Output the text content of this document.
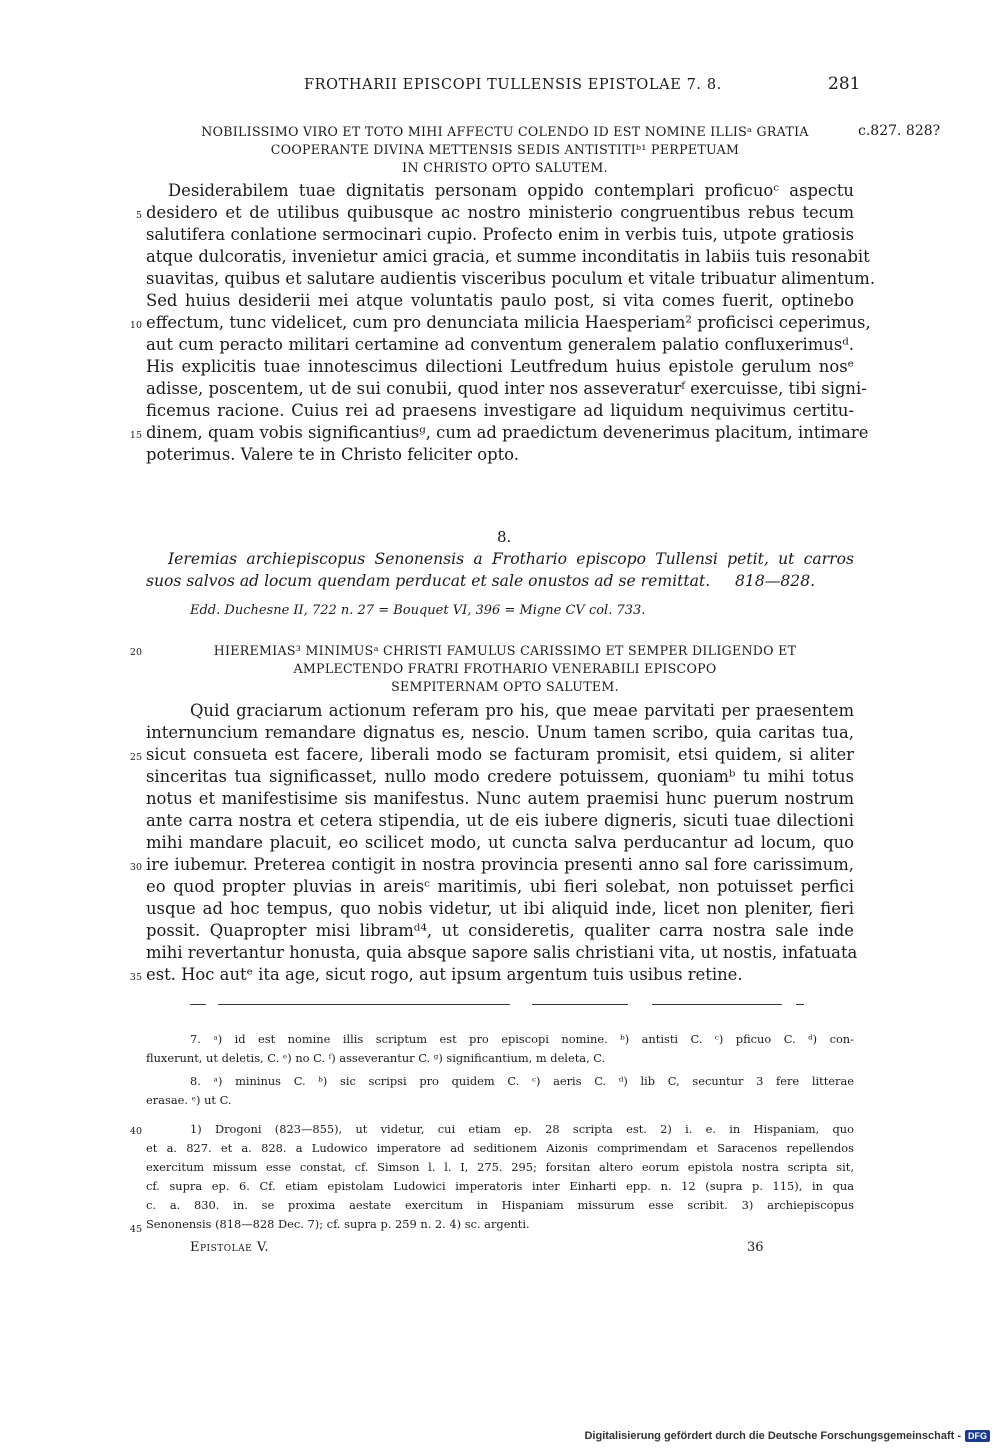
FROTHARII EPISCOPI TULLENSIS EPISTOLAE 7. 8.	281
NOBILISSIMO VIRO ET TOTO MIHI AFFECTU COLENDO ID EST NOMINE ILLISᵃ GRATIA
COOPERANTE DIVINA METTENSIS SEDIS ANTISTITIᵇ¹ PERPETUAM
IN CHRISTO OPTO SALUTEM.
c.827. 828?
Desiderabilem tuae dignitatis personam oppido contemplari proficuoᶜ aspectu
desidero et de utilibus quibusque ac nostro ministerio congruentibus rebus tecum
salutifera conlatione sermocinari cupio. Profecto enim in verbis tuis, utpote gratiosis
atque dulcoratis, invenietur amici gracia, et summe inconditatis in labiis tuis resonabit
suavitas, quibus et salutare audientis visceribus poculum et vitale tribuatur alimentum.
Sed huius desiderii mei atque voluntatis paulo post, si vita comes fuerit, optinebo
effectum, tunc videlicet, cum pro denunciata milicia Haesperiam² proficisci ceperimus,
aut cum peracto militari certamine ad conventum generalem palatio confluxerimusᵈ.
His explicitis tuae innotescimus dilectioni Leutfredum huius epistole gerulum nosᵉ
adisse, poscentem, ut de sui conubii, quod inter nos asseveraturᶠ exercuisse, tibi signi-
ficemus racione. Cuius rei ad praesens investigare ad liquidum nequivimus certitu-
dinem, quam vobis significantiusᵍ, cum ad praedictum devenerimus placitum, intimare
poterimus. Valere te in Christo feliciter opto.
8.
Ieremias archiepiscopus Senonensis a Frothario episcopo Tullensi petit, ut carros
suos salvos ad locum quendam perducat et sale onustos ad se remittat. 818—828.
Edd. Duchesne II, 722 n. 27 = Bouquet VI, 396 = Migne CV col. 733.
HIEREMIAS³ MINIMUSᵃ CHRISTI FAMULUS CARISSIMO ET SEMPER DILIGENDO ET
AMPLECTENDO FRATRI FROTHARIO VENERABILI EPISCOPO
SEMPITERNAM OPTO SALUTEM.
Quid graciarum actionum referam pro his, que meae parvitati per praesentem
internuncium remandare dignatus es, nescio. Unum tamen scribo, quia caritas tua,
sicut consueta est facere, liberali modo se facturam promisit, etsi quidem, si aliter
sinceritas tua significasset, nullo modo credere potuissem, quoniamᵇ tu mihi totus
notus et manifestisime sis manifestus. Nunc autem praemisi hunc puerum nostrum
ante carra nostra et cetera stipendia, ut de eis iubere digneris, sicuti tuae dilectioni
mihi mandare placuit, eo scilicet modo, ut cuncta salva perducantur ad locum, quo
ire iubemur. Preterea contigit in nostra provincia presenti anno sal fore carissimum,
eo quod propter pluvias in areisᶜ maritimis, ubi fieri solebat, non potuisset perfici
usque ad hoc tempus, quo nobis videtur, ut ibi aliquid inde, licet non pleniter, fieri
possit. Quapropter misi libramᵈ⁴, ut consideretis, qualiter carra nostra sale inde
mihi revertantur honusta, quia absque sapore salis christiani vita, ut nostis, infatuata
est. Hoc autᵉ ita age, sicut rogo, aut ipsum argentum tuis usibus retine.
5
10
15
20
25
30
35
40
45
7. ᵃ) id est nomine illis scriptum est pro episcopi nomine. ᵇ) antisti C. ᶜ) pficuo C. ᵈ) con-
fluxerunt, ut deletis, C. ᵉ) no C. ᶠ) asseverantur C. ᵍ) significantium, m deleta, C.
8. ᵃ) mininus C. ᵇ) sic scripsi pro quidem C. ᶜ) aeris C. ᵈ) lib C, secuntur 3 fere litterae
erasae. ᵉ) ut C.
1) Drogoni (823—855), ut videtur, cui etiam ep. 28 scripta est. 2) i. e. in Hispaniam, quo
et a. 827. et a. 828. a Ludowico imperatore ad seditionem Aizonis comprimendam et Saracenos repellendos
exercitum missum esse constat, cf. Simson l. l. I, 275. 295; forsitan altero eorum epistola nostra scripta sit,
cf. supra ep. 6. Cf. etiam epistolam Ludowici imperatoris inter Einharti epp. n. 12 (supra p. 115), in qua
c. a. 830. in. se proxima aestate exercitum in Hispaniam missurum esse scribit. 3) archiepiscopus
Senonensis (818—828 Dec. 7); cf. supra p. 259 n. 2. 4) sc. argenti.
Epistolae V.	36
Digitalisierung gefördert durch die Deutsche Forschungsgemeinschaft - DFG
